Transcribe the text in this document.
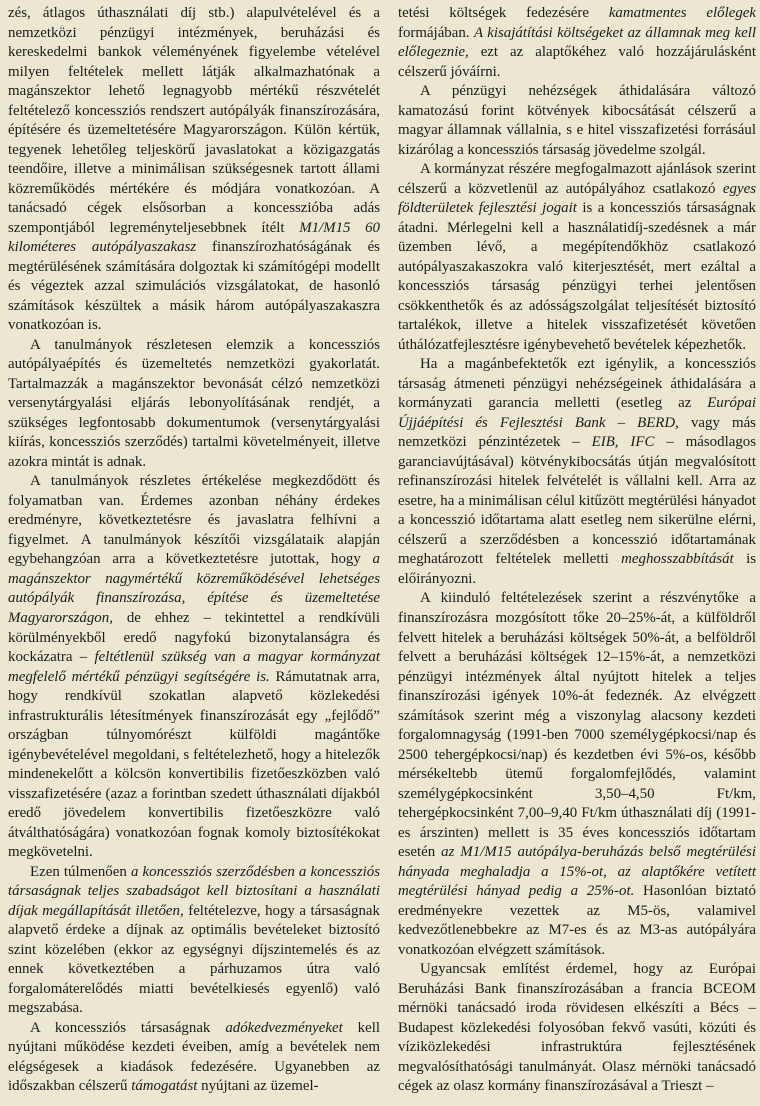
zés, átlagos úthasználati díj stb.) alapulvételével és a nemzetközi pénzügyi intézmények, beruházási és kereskedelmi bankok véleményének figyelembe vételével milyen feltételek mellett látják alkalmazhatónak a magánszektor lehető legnagyobb mértékű részvételét feltételező koncessziós rendszert autópályák finanszírozására, építésére és üzemeltetésére Magyarországon. Külön kértük, tegyenek lehetőleg teljeskörű javaslatokat a közigazgatás teendőire, illetve a minimálisan szükségesnek tartott állami közreműködés mértékére és módjára vonatkozóan. A tanácsadó cégek elsősorban a koncesszióba adás szempontjából legreményteljesebbnek ítélt M1/M15 60 kilométeres autópályaszakasz finanszírozhatóságának és megtérülésének számítására dolgoztak ki számítógépi modellt és végeztek azzal szimulációs vizsgálatokat, de hasonló számítások készültek a másik három autópályaszakaszra vonatkozóan is.

A tanulmányok részletesen elemzik a koncessziós autópályaépítés és üzemeltetés nemzetközi gyakorlatát. Tartalmazzák a magánszektor bevonását célzó nemzetközi versenytárgyalási eljárás lebonyolításának rendjét, a szükséges legfontosabb dokumentumok (versenytárgyalási kiírás, koncessziós szerződés) tartalmi követelményeit, illetve azokra mintát is adnak.

A tanulmányok részletes értékelése megkezdődött és folyamatban van. Érdemes azonban néhány érdekes eredményre, következtetésre és javaslatra felhívni a figyelmet. A tanulmányok készítői vizsgálataik alapján egybehangzóan arra a következtetésre jutottak, hogy a magánszektor nagymértékű közreműködésével lehetséges autópályák finanszírozása, építése és üzemeltetése Magyarországon, de ehhez – tekintettel a rendkívüli körülményekből eredő nagyfokú bizonytalanságra és kockázatra – feltétlenül szükség van a magyar kormányzat megfelelő mértékű pénzügyi segítségére is. Rámutatnak arra, hogy rendkívül szokatlan alapvető közlekedési infrastrukturális létesítmények finanszírozását egy „fejlődő” országban túlnyomórészt külföldi magántőke igénybevételével megoldani, s feltételezhető, hogy a hitelezők mindenekelőtt a kölcsön konvertibilis fizetőeszközben való visszafizetésére (azaz a forintban szedett úthasználati díjakból eredő jövedelem konvertibilis fizetőeszközre való átválthatóságára) vonatkozóan fognak komoly biztosítékokat megkövetelni.

Ezen túlmenően a koncessziós szerződésben a koncessziós társaságnak teljes szabadságot kell biztosítani a használati díjak megállapítását illetően, feltételezve, hogy a társaságnak alapvető érdeke a díjnak az optimális bevételeket biztosító szint közelében (ekkor az egységnyi díjszintemelés és az ennek következtében a párhuzamos útra való forgalomáterelődés miatti bevételkiesés egyenlő) való megszabása.

A koncessziós társaságnak adókedvezményeket kell nyújtani működése kezdeti éveiben, amíg a bevételek nem elégségesek a kiadások fedezésére. Ugyanebben az időszakban célszerű támogatást nyújtani az üzemel-

tetési költségek fedezésére kamatmentes előlegek formájában. A kisajátítási költségeket az államnak meg kell előlegeznie, ezt az alaptőkéhez való hozzájárulásként célszerű jóváírni.

A pénzügyi nehézségek áthidalására változó kamatozású forint kötvények kibocsátását célszerű a magyar államnak vállalnia, s e hitel visszafizetési forrásául kizárólag a koncessziós társaság jövedelme szolgál.

A kormányzat részére megfogalmazott ajánlások szerint célszerű a közvetlenül az autópályához csatlakozó egyes földterületek fejlesztési jogait is a koncessziós társaságnak átadni. Mérlegelni kell a használatidíj-szedésnek a már üzemben lévő, a megépítendőkhöz csatlakozó autópályaszakaszokra való kiterjesztését, mert ezáltal a koncessziós társaság pénzügyi terhei jelentősen csökkenthetők és az adósságszolgálat teljesítését biztosító tartalékok, illetve a hitelek visszafizetését követően úthálózatfejlesztésre igénybevehető bevételek képezhetők.

Ha a magánbefektetők ezt igénylik, a koncessziós társaság átmeneti pénzügyi nehézségeinek áthidalására a kormányzati garancia melletti (esetleg az Európai Újjáépítési és Fejlesztési Bank – BERD, vagy más nemzetközi pénzintézetek – EIB, IFC – másodlagos garanciavújtásával) kötvénykibocsátás útján megvalósított refinanszírozási hitelek felvételét is vállalni kell. Arra az esetre, ha a minimálisan célul kitűzött megtérülési hányadot a koncesszió időtartama alatt esetleg nem sikerülne elérni, célszerű a szerződésben a koncesszió időtartamának meghatározott feltételek melletti meghosszabbítását is előirányozni.

A kiinduló feltételezések szerint a részvénytőke a finanszírozásra mozgósított tőke 20–25%-át, a külföldről felvett hitelek a beruházási költségek 50%-át, a belföldről felvett a beruházási költségek 12–15%-át, a nemzetközi pénzügyi intézmények által nyújtott hitelek a teljes finanszírozási igények 10%-át fedeznék. Az elvégzett számítások szerint még a viszonylag alacsony kezdeti forgalomnagyság (1991-ben 7000 személygépkocsi/nap és 2500 tehergépkocsi/nap) és kezdetben évi 5%-os, később mérsékeltebb ütemű forgalomfejlődés, valamint személygépkocsinként 3,50–4,50 Ft/km, tehergépkocsinként 7,00–9,40 Ft/km úthasználati díj (1991-es árszinten) mellett is 35 éves koncessziós időtartam esetén az M1/M15 autópálya-beruházás belső megtérülési hányada meghaladja a 15%-ot, az alaptőkére vetített megtérülési hányad pedig a 25%-ot. Hasonlóan biztató eredményekre vezettek az M5-ös, valamivel kedvezőtlenebbekre az M7-es és az M3-as autópályára vonatkozóan elvégzett számítások.

Ugyancsak említést érdemel, hogy az Európai Beruházási Bank finanszírozásában a francia BCEOM mérnöki tanácsadó iroda rövidesen elkészíti a Bécs – Budapest közlekedési folyosóban fekvő vasúti, közúti és víziközlekedési infrastruktúra fejlesztésének megvalósíthatósági tanulmányát. Olasz mérnöki tanácsadó cégek az olasz kormány finanszírozásával a Trieszt –
